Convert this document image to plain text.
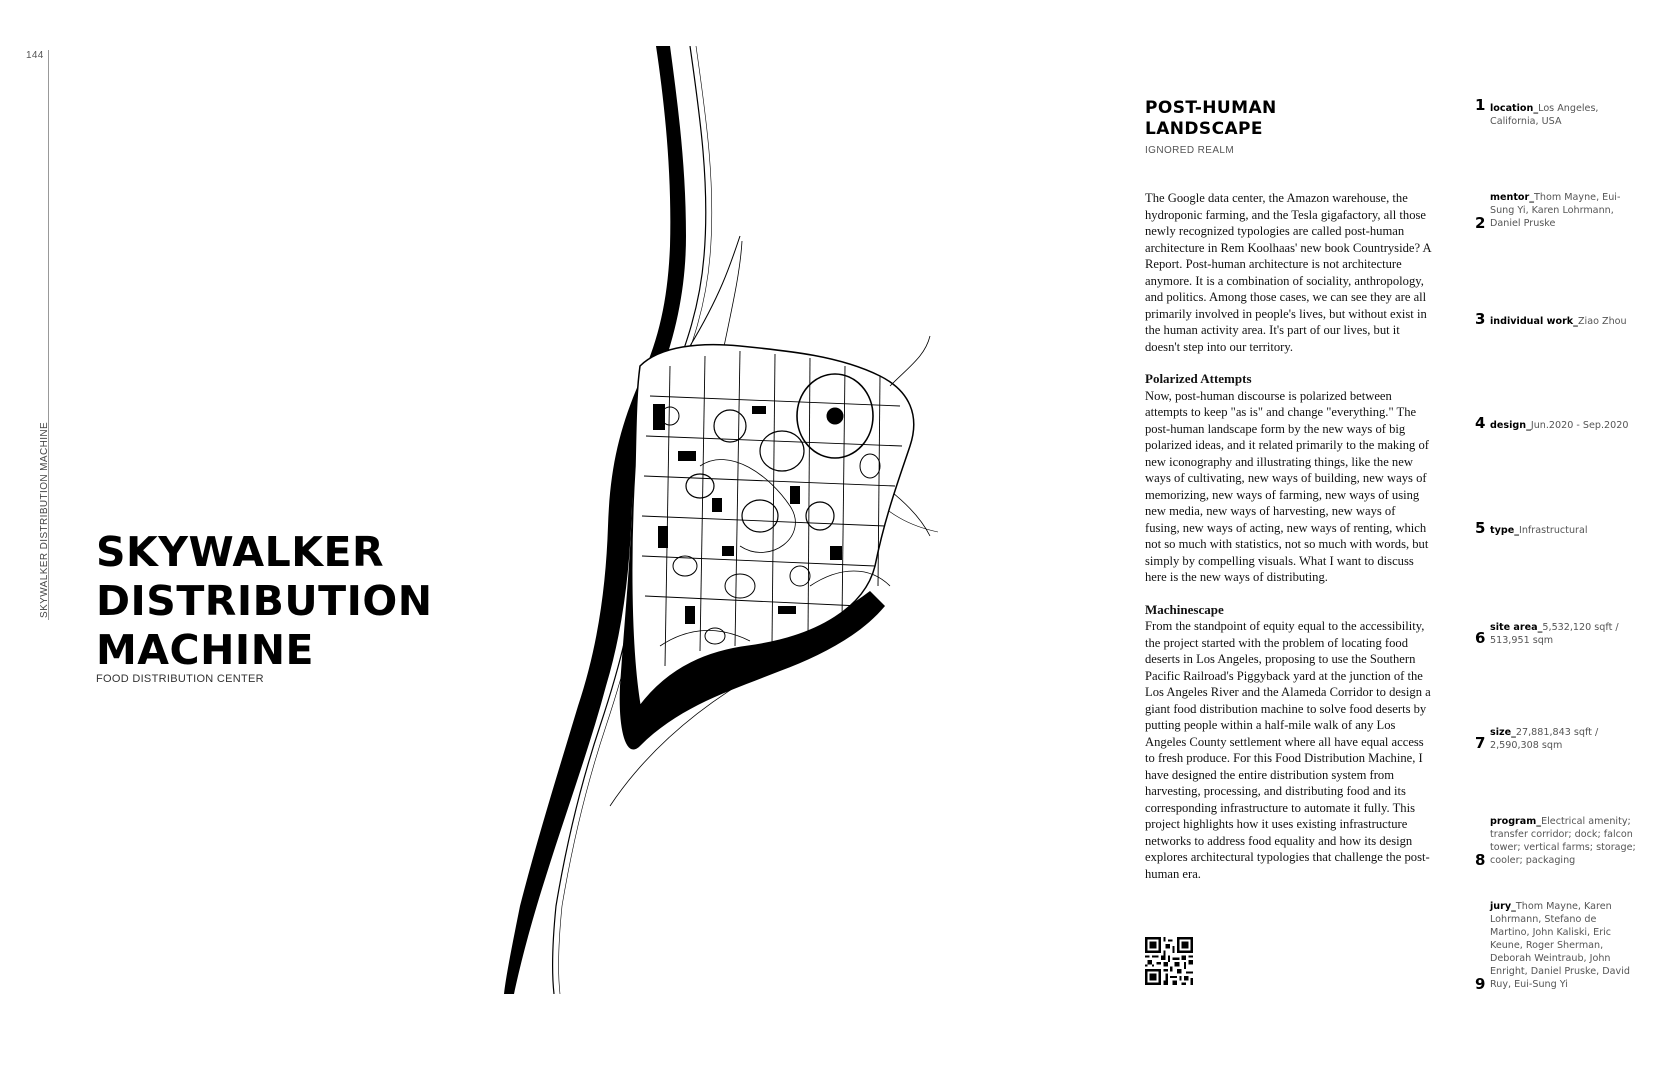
144
SKYWALKER DISTRIBUTION MACHINE SKYWALKER
DISTRIBUTION
MACHINE
FOOD DISTRIBUTION CENTER
POST-HUMAN
LANDSCAPE
IGNORED REALM

The Google data center, the Amazon warehouse, the hydroponic farming, and the Tesla gigafactory, all those newly recognized typologies are called post-human architecture in Rem Koolhaas' new book Countryside? A Report. Post-human architecture is not architecture anymore. It is a combination of sociality, anthropology, and politics. Among those cases, we can see they are all primarily involved in people's lives, but without exist in the human activity area. It's part of our lives, but it doesn't step into our territory.

Polarized Attempts

Now, post-human discourse is polarized between attempts to keep "as is" and change "everything." The post-human landscape form by the new ways of big polarized ideas, and it related primarily to the making of new iconography and illustrating things, like the new ways of cultivating, new ways of building, new ways of memorizing, new ways of farming, new ways of using new media, new ways of harvesting, new ways of fusing, new ways of acting, new ways of renting, which not so much with statistics, not so much with words, but simply by compelling visuals. What I want to discuss here is the new ways of distributing.

Machinescape

From the standpoint of equity equal to the accessibility, the project started with the problem of locating food deserts in Los Angeles, proposing to use the Southern Pacific Railroad's Piggyback yard at the junction of the Los Angeles River and the Alameda Corridor to design a giant food distribution machine to solve food deserts by putting people within a half-mile walk of any Los Angeles County settlement where all have equal access to fresh produce. For this Food Distribution Machine, I have designed the entire distribution system from harvesting, processing, and distributing food and its corresponding infrastructure to automate it fully. This project highlights how it uses existing infrastructure networks to address food equality and how its design explores architectural typologies that challenge the post-human era.

1 location_Los Angeles, California, USA
2
mentor_Thom Mayne, Eui-Sung Yi, Karen Lohrmann, Daniel Pruske
3 individual work_Ziao Zhou
4 design_Jun.2020 - Sep.2020
5 type_Infrastructural
6
site area_5,532,120 sqft / 513,951 sqm
7
size_27,881,843 sqft / 2,590,308 sqm
8
program_Electrical amenity; transfer corridor; dock; falcon tower; vertical farms; storage; cooler; packaging
9
jury_Thom Mayne, Karen Lohrmann, Stefano de Martino, John Kaliski, Eric Keune, Roger Sherman, Deborah Weintraub, John Enright, Daniel Pruske, David Ruy, Eui-Sung Yi
